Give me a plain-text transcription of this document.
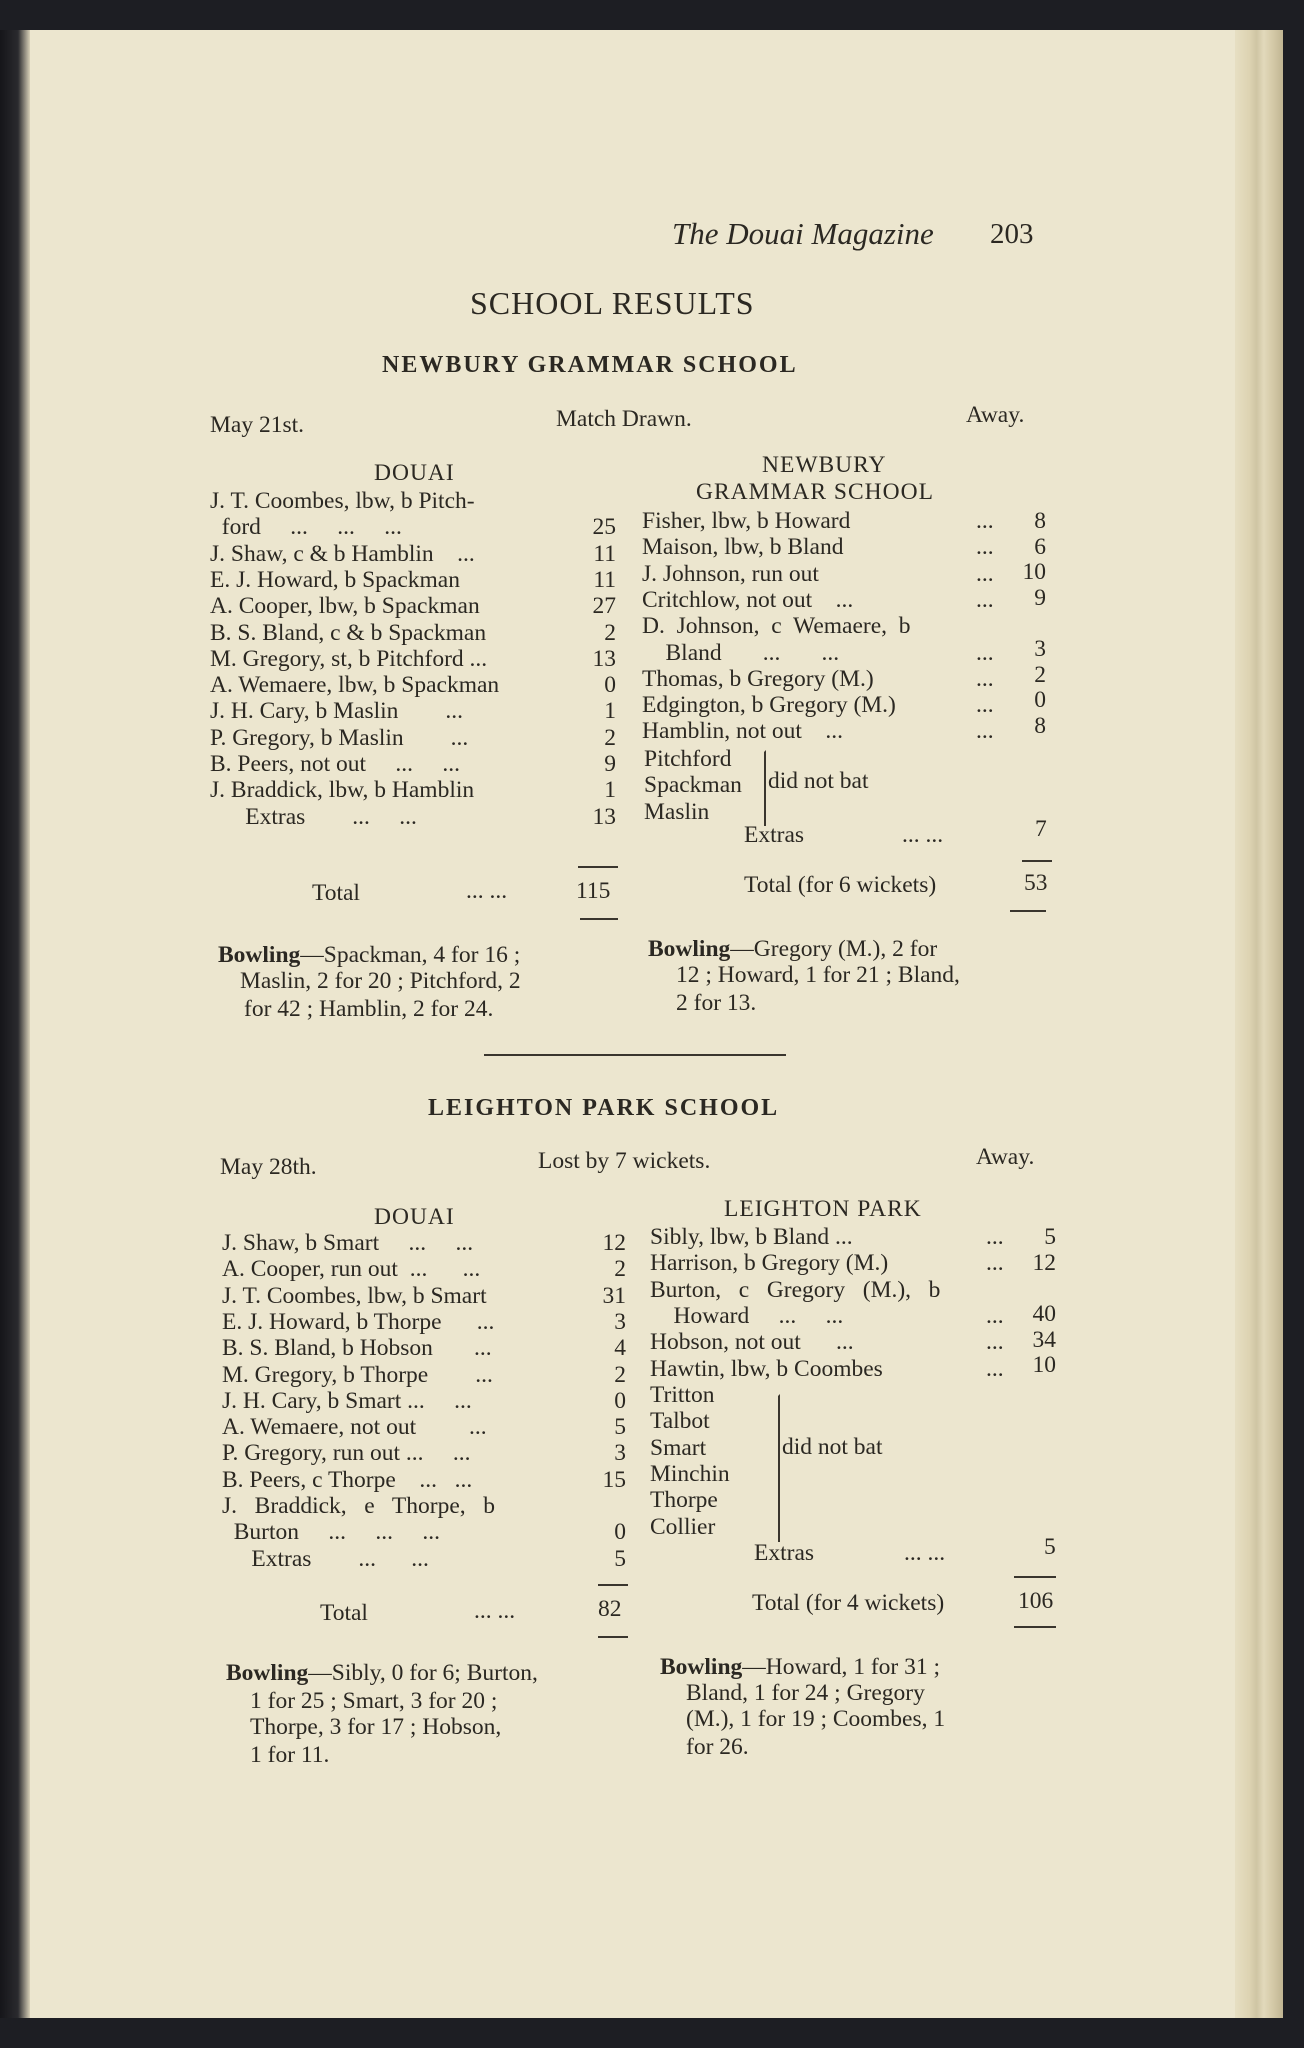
The Douai Magazine 203
SCHOOL RESULTS
NEWBURY GRAMMAR SCHOOL
May 21st.	Match Drawn.	Away.
DOUAI
J. T. Coombes, lbw, b Pitch-
ford     ...     ...     ...	25
J. Shaw, c & b Hamblin    ...	11
E. J. Howard, b Spackman	11
A. Cooper, lbw, b Spackman	27
B. S. Bland, c & b Spackman	2
M. Gregory, st, b Pitchford ...	13
A. Wemaere, lbw, b Spackman	0
J. H. Cary, b Maslin        ...	1
P. Gregory, b Maslin        ...	2
B. Peers, not out     ...     ...	9
J. Braddick, lbw, b Hamblin	1
Extras        ...     ...	13
NEWBURY
GRAMMAR SCHOOL
Fisher, lbw, b Howard	... 8
Maison, lbw, b Bland	... 6
J. Johnson, run out	... 10
Critchlow, not out    ...	... 9
D.  Johnson,  c  Wemaere,  b
Bland       ...       ...	... 3
Thomas, b Gregory (M.)	... 2
Edgington, b Gregory (M.)	... 0
Hamblin, not out    ...	... 8
Pitchford
Spackman
Maslin
did not bat
Extras	... ...	7
Total (for 6 wickets)	53
Total	... ...	115
Bowling—Spackman, 4 for 16 ;
Maslin, 2 for 20 ; Pitchford, 2
for 42 ; Hamblin, 2 for 24.
Bowling—Gregory (M.), 2 for
12 ; Howard, 1 for 21 ; Bland,
2 for 13.
LEIGHTON PARK SCHOOL
May 28th.	Lost by 7 wickets.	Away.
DOUAI
J. Shaw, b Smart     ...     ...	12
A. Cooper, run out  ...      ...	2
J. T. Coombes, lbw, b Smart	31
E. J. Howard, b Thorpe      ...	3
B. S. Bland, b Hobson       ...	4
M. Gregory, b Thorpe        ...	2
J. H. Cary, b Smart ...     ...	0
A. Wemaere, not out         ...	5
P. Gregory, run out ...     ...	3
B. Peers, c Thorpe    ...   ...	15
J.   Braddick,   e   Thorpe,   b
Burton     ...     ...     ...	0
Extras        ...      ...	5
LEIGHTON PARK
Sibly, lbw, b Bland ...	... 5
Harrison, b Gregory (M.)	... 12
Burton,   c   Gregory   (M.),   b
Howard     ...     ...	... 40
Hobson, not out      ...	... 34
Hawtin, lbw, b Coombes	... 10
Tritton
Talbot
Smart
Minchin
Thorpe
Collier
did not bat
Extras	... ...	5
Total (for 4 wickets)	106
Total	... ...	82
Bowling—Sibly, 0 for 6; Burton,
1 for 25 ; Smart, 3 for 20 ;
Thorpe, 3 for 17 ; Hobson,
1 for 11.
Bowling—Howard, 1 for 31 ;
Bland, 1 for 24 ; Gregory
(M.), 1 for 19 ; Coombes, 1
for 26.
